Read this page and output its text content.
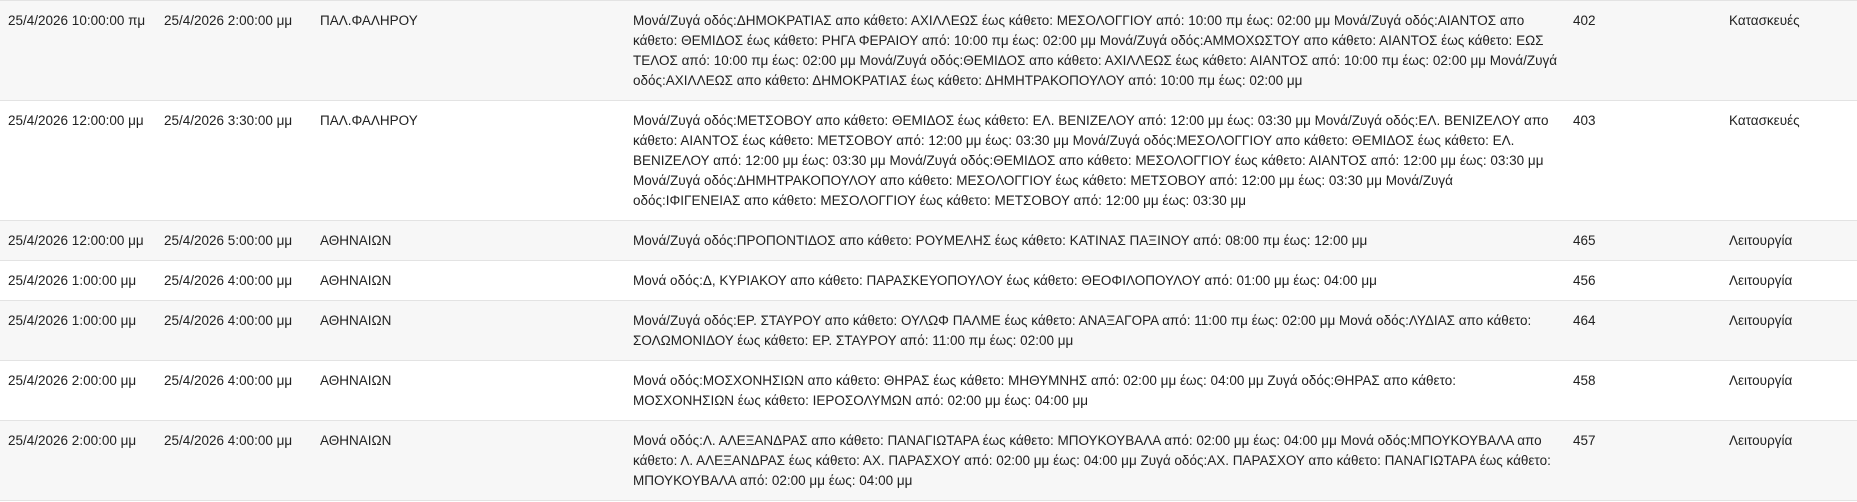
25/4/2026 10:00:00 πμ	25/4/2026 2:00:00 μμ	ΠΑΛ.ΦΑΛΗΡΟΥ	Μονά/Ζυγά οδός:ΔΗΜΟΚΡΑΤΙΑΣ απο κάθετο: ΑΧΙΛΛΕΩΣ έως κάθετο: ΜΕΣΟΛΟΓΓΙΟΥ από: 10:00 πμ έως: 02:00 μμ Μονά/Ζυγά οδός:ΑΙΑΝΤΟΣ απο κάθετο: ΘΕΜΙΔΟΣ έως κάθετο: ΡΗΓΑ ΦΕΡΑΙΟΥ από: 10:00 πμ έως: 02:00 μμ Μονά/Ζυγά οδός:ΑΜΜΟΧΩΣΤΟΥ απο κάθετο: ΑΙΑΝΤΟΣ έως κάθετο: ΕΩΣ ΤΕΛΟΣ από: 10:00 πμ έως: 02:00 μμ Μονά/Ζυγά οδός:ΘΕΜΙΔΟΣ απο κάθετο: ΑΧΙΛΛΕΩΣ έως κάθετο: ΑΙΑΝΤΟΣ από: 10:00 πμ έως: 02:00 μμ Μονά/Ζυγά οδός:ΑΧΙΛΛΕΩΣ απο κάθετο: ΔΗΜΟΚΡΑΤΙΑΣ έως κάθετο: ΔΗΜΗΤΡΑΚΟΠΟΥΛΟΥ από: 10:00 πμ έως: 02:00 μμ	402	Κατασκευές
25/4/2026 12:00:00 μμ	25/4/2026 3:30:00 μμ	ΠΑΛ.ΦΑΛΗΡΟΥ	Μονά/Ζυγά οδός:ΜΕΤΣΟΒΟΥ απο κάθετο: ΘΕΜΙΔΟΣ έως κάθετο: ΕΛ. ΒΕΝΙΖΕΛΟΥ από: 12:00 μμ έως: 03:30 μμ Μονά/Ζυγά οδός:ΕΛ. ΒΕΝΙΖΕΛΟΥ απο κάθετο: ΑΙΑΝΤΟΣ έως κάθετο: ΜΕΤΣΟΒΟΥ από: 12:00 μμ έως: 03:30 μμ Μονά/Ζυγά οδός:ΜΕΣΟΛΟΓΓΙΟΥ απο κάθετο: ΘΕΜΙΔΟΣ έως κάθετο: ΕΛ. ΒΕΝΙΖΕΛΟΥ από: 12:00 μμ έως: 03:30 μμ Μονά/Ζυγά οδός:ΘΕΜΙΔΟΣ απο κάθετο: ΜΕΣΟΛΟΓΓΙΟΥ έως κάθετο: ΑΙΑΝΤΟΣ από: 12:00 μμ έως: 03:30 μμ Μονά/Ζυγά οδός:ΔΗΜΗΤΡΑΚΟΠΟΥΛΟΥ απο κάθετο: ΜΕΣΟΛΟΓΓΙΟΥ έως κάθετο: ΜΕΤΣΟΒΟΥ από: 12:00 μμ έως: 03:30 μμ Μονά/Ζυγά οδός:ΙΦΙΓΕΝΕΙΑΣ απο κάθετο: ΜΕΣΟΛΟΓΓΙΟΥ έως κάθετο: ΜΕΤΣΟΒΟΥ από: 12:00 μμ έως: 03:30 μμ	403	Κατασκευές
25/4/2026 12:00:00 μμ	25/4/2026 5:00:00 μμ	ΑΘΗΝΑΙΩΝ	Μονά/Ζυγά οδός:ΠΡΟΠΟΝΤΙΔΟΣ απο κάθετο: ΡΟΥΜΕΛΗΣ έως κάθετο: ΚΑΤΙΝΑΣ ΠΑΞΙΝΟΥ από: 08:00 πμ έως: 12:00 μμ	465	Λειτουργία
25/4/2026 1:00:00 μμ	25/4/2026 4:00:00 μμ	ΑΘΗΝΑΙΩΝ	Μονά οδός:Δ, ΚΥΡΙΑΚΟΥ απο κάθετο: ΠΑΡΑΣΚΕΥΟΠΟΥΛΟΥ έως κάθετο: ΘΕΟΦΙΛΟΠΟΥΛΟΥ από: 01:00 μμ έως: 04:00 μμ	456	Λειτουργία
25/4/2026 1:00:00 μμ	25/4/2026 4:00:00 μμ	ΑΘΗΝΑΙΩΝ	Μονά/Ζυγά οδός:ΕΡ. ΣΤΑΥΡΟΥ απο κάθετο: ΟΥΛΩΦ ΠΑΛΜΕ έως κάθετο: ΑΝΑΞΑΓΟΡΑ από: 11:00 πμ έως: 02:00 μμ Μονά οδός:ΛΥΔΙΑΣ απο κάθετο: ΣΟΛΩΜΟΝΙΔΟΥ έως κάθετο: ΕΡ. ΣΤΑΥΡΟΥ από: 11:00 πμ έως: 02:00 μμ	464	Λειτουργία
25/4/2026 2:00:00 μμ	25/4/2026 4:00:00 μμ	ΑΘΗΝΑΙΩΝ	Μονά οδός:ΜΟΣΧΟΝΗΣΙΩΝ απο κάθετο: ΘΗΡΑΣ έως κάθετο: ΜΗΘΥΜΝΗΣ από: 02:00 μμ έως: 04:00 μμ Ζυγά οδός:ΘΗΡΑΣ απο κάθετο: ΜΟΣΧΟΝΗΣΙΩΝ έως κάθετο: ΙΕΡΟΣΟΛΥΜΩΝ από: 02:00 μμ έως: 04:00 μμ	458	Λειτουργία
25/4/2026 2:00:00 μμ	25/4/2026 4:00:00 μμ	ΑΘΗΝΑΙΩΝ	Μονά οδός:Λ. ΑΛΕΞΑΝΔΡΑΣ απο κάθετο: ΠΑΝΑΓΙΩΤΑΡΑ έως κάθετο: ΜΠΟΥΚΟΥΒΑΛΑ από: 02:00 μμ έως: 04:00 μμ Μονά οδός:ΜΠΟΥΚΟΥΒΑΛΑ απο κάθετο: Λ. ΑΛΕΞΑΝΔΡΑΣ έως κάθετο: ΑΧ. ΠΑΡΑΣΧΟΥ από: 02:00 μμ έως: 04:00 μμ Ζυγά οδός:ΑΧ. ΠΑΡΑΣΧΟΥ απο κάθετο: ΠΑΝΑΓΙΩΤΑΡΑ έως κάθετο: ΜΠΟΥΚΟΥΒΑΛΑ από: 02:00 μμ έως: 04:00 μμ	457	Λειτουργία
